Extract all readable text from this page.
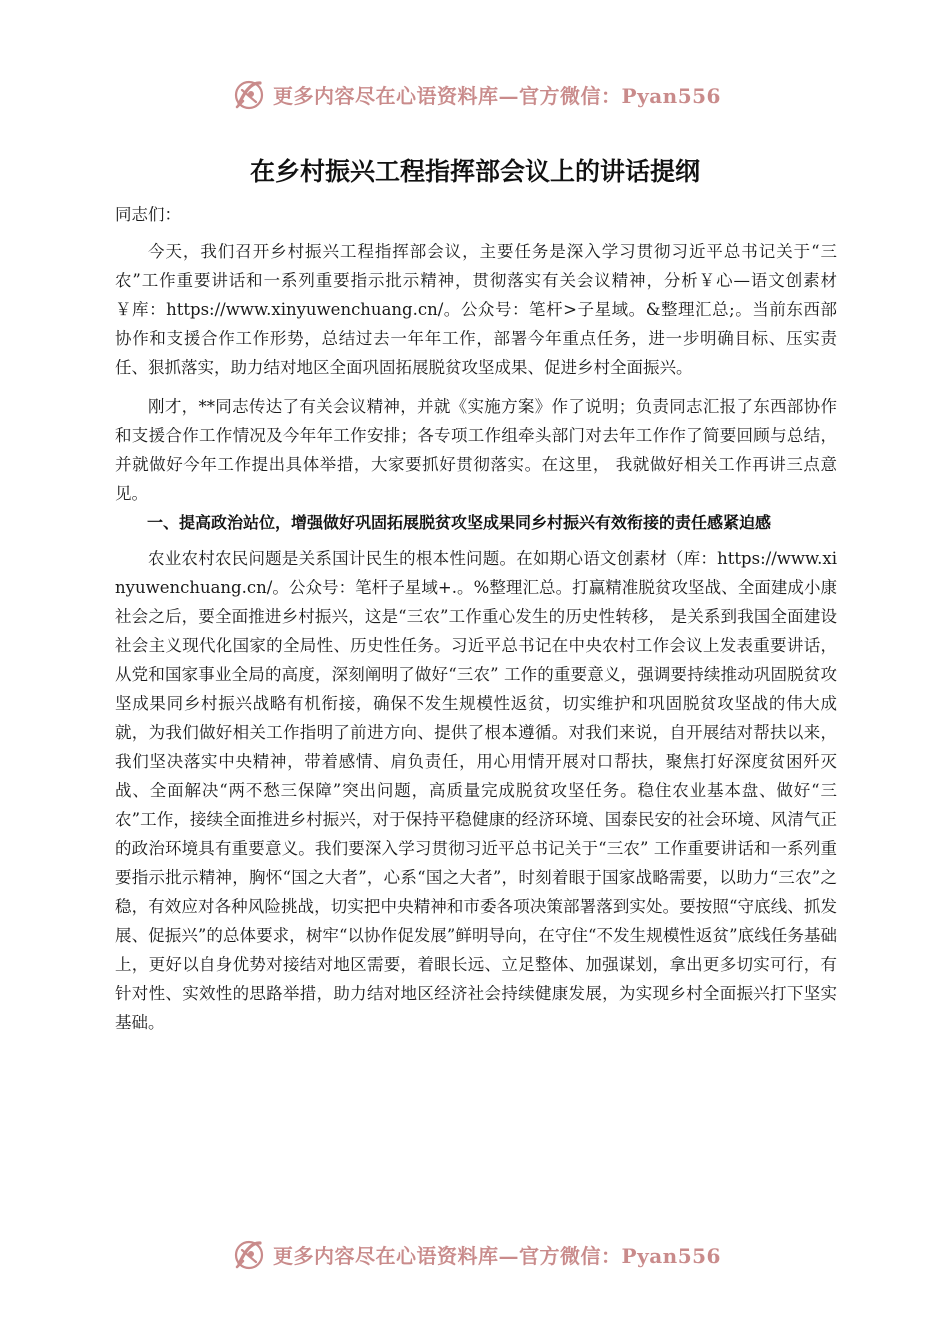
更多内容尽在心语资料库—官方微信：Pyan556
在乡村振兴工程指挥部会议上的讲话提纲

同志们：

今天，我们召开乡村振兴工程指挥部会议，主要任务是深入学习贯彻习近平总书记关于“三农”工作重要讲话和一系列重要指示批示精神，贯彻落实有关会议精神，分析￥心—语文创素材￥库：https://www.xinyuwenchuang.cn/。公众号：笔杆>子星域。&整理汇总;。当前东西部协作和支援合作工作形势，总结过去一年年工作，部署今年重点任务，进一步明确目标、压实责任、狠抓落实，助力结对地区全面巩固拓展脱贫攻坚成果、促进乡村全面振兴。

刚才，**同志传达了有关会议精神，并就《实施方案》作了说明；负责同志汇报了东西部协作和支援合作工作情况及今年年工作安排；各专项工作组牵头部门对去年工作作了简要回顾与总结，并就做好今年工作提出具体举措，大家要抓好贯彻落实。在这里， 我就做好相关工作再讲三点意见。

一、提高政治站位，增强做好巩固拓展脱贫攻坚成果同乡村振兴有效衔接的责任感紧迫感

农业农村农民问题是关系国计民生的根本性问题。在如期心语文创素材（库：https://www.xinyuwenchuang.cn/。公众号：笔杆子星域+.。%整理汇总。打赢精准脱贫攻坚战、全面建成小康社会之后，要全面推进乡村振兴，这是“三农”工作重心发生的历史性转移， 是关系到我国全面建设社会主义现代化国家的全局性、历史性任务。习近平总书记在中央农村工作会议上发表重要讲话，从党和国家事业全局的高度，深刻阐明了做好“三农” 工作的重要意义，强调要持续推动巩固脱贫攻坚成果同乡村振兴战略有机衔接，确保不发生规模性返贫，切实维护和巩固脱贫攻坚战的伟大成就，为我们做好相关工作指明了前进方向、提供了根本遵循。对我们来说，自开展结对帮扶以来，我们坚决落实中央精神，带着感情、肩负责任，用心用情开展对口帮扶，聚焦打好深度贫困歼灭战、全面解决“两不愁三保障”突出问题，高质量完成脱贫攻坚任务。稳住农业基本盘、做好“三农”工作，接续全面推进乡村振兴，对于保持平稳健康的经济环境、国泰民安的社会环境、风清气正的政治环境具有重要意义。我们要深入学习贯彻习近平总书记关于“三农” 工作重要讲话和一系列重要指示批示精神，胸怀“国之大者”，心系“国之大者”，时刻着眼于国家战略需要，以助力“三农”之稳，有效应对各种风险挑战，切实把中央精神和市委各项决策部署落到实处。要按照“守底线、抓发展、促振兴”的总体要求，树牢“以协作促发展”鲜明导向，在守住“不发生规模性返贫”底线任务基础上，更好以自身优势对接结对地区需要，着眼长远、立足整体、加强谋划，拿出更多切实可行，有针对性、实效性的思路举措，助力结对地区经济社会持续健康发展，为实现乡村全面振兴打下坚实基础。

更多内容尽在心语资料库—官方微信：Pyan556
